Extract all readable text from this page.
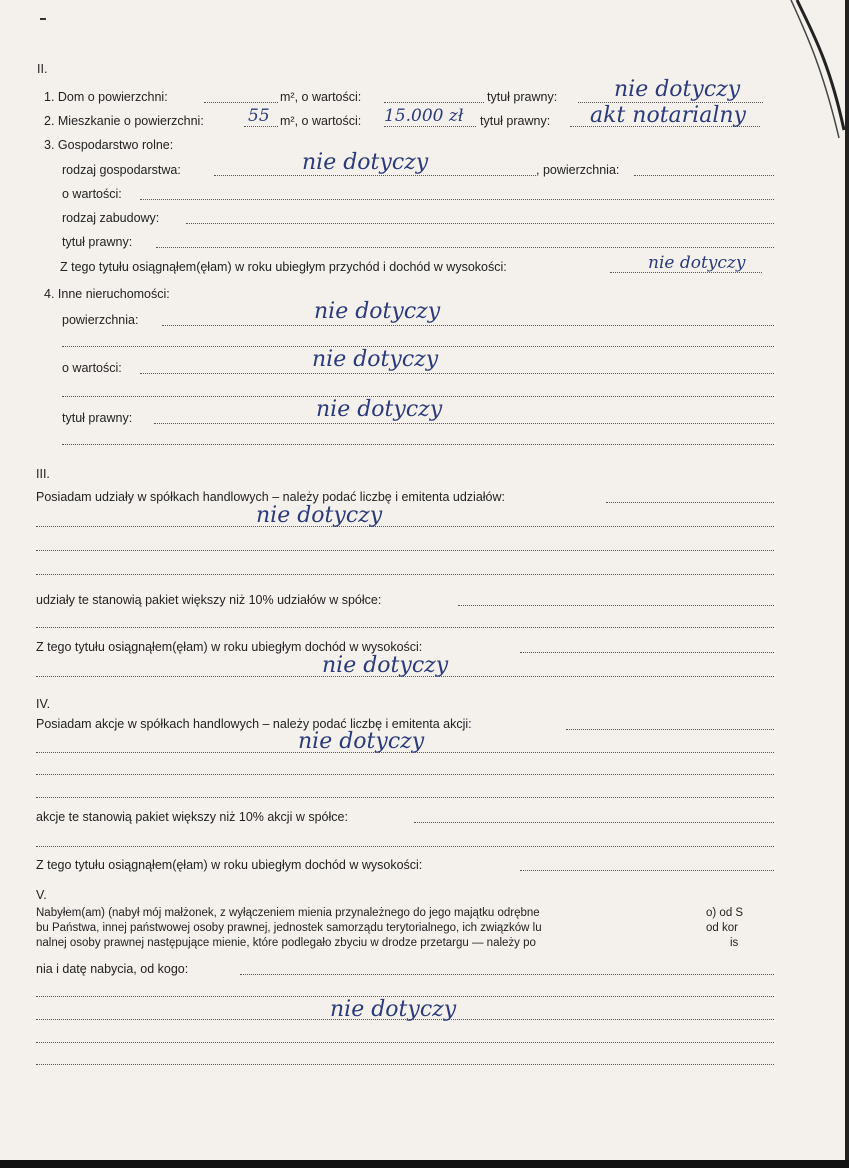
II.
1. Dom o powierzchni:	m², o wartości:	tytuł prawny:	nie dotyczy
2. Mieszkanie o powierzchni:	55 m², o wartości: 15.000 zł tytuł prawny: akt notarialny
3. Gospodarstwo rolne:
rodzaj gospodarstwa:	nie dotyczy	, powierzchnia:
o wartości:
rodzaj zabudowy:
tytuł prawny:
Z tego tytułu osiągnąłem(ęłam) w roku ubiegłym przychód i dochód w wysokości:	nie dotyczy
4. Inne nieruchomości:
powierzchnia:	nie dotyczy
o wartości:	nie dotyczy
tytuł prawny:	nie dotyczy
III.
Posiadam udziały w spółkach handlowych – należy podać liczbę i emitenta udziałów:
nie dotyczy
udziały te stanowią pakiet większy niż 10% udziałów w spółce:
Z tego tytułu osiągnąłem(ęłam) w roku ubiegłym dochód w wysokości:
nie dotyczy
IV.
Posiadam akcje w spółkach handlowych – należy podać liczbę i emitenta akcji:
nie dotyczy
akcje te stanowią pakiet większy niż 10% akcji w spółce:
Z tego tytułu osiągnąłem(ęłam) w roku ubiegłym dochód w wysokości:
V.
Nabyłem(am) (nabył mój małżonek, z wyłączeniem mienia przynależnego do jego majątku odrębne	o) od S
bu Państwa, innej państwowej osoby prawnej, jednostek samorządu terytorialnego, ich związków lu	od kor
nalnej osoby prawnej następujące mienie, które podlegało zbyciu w drodze przetargu — należy po	is
nia i datę nabycia, od kogo:
nie dotyczy
